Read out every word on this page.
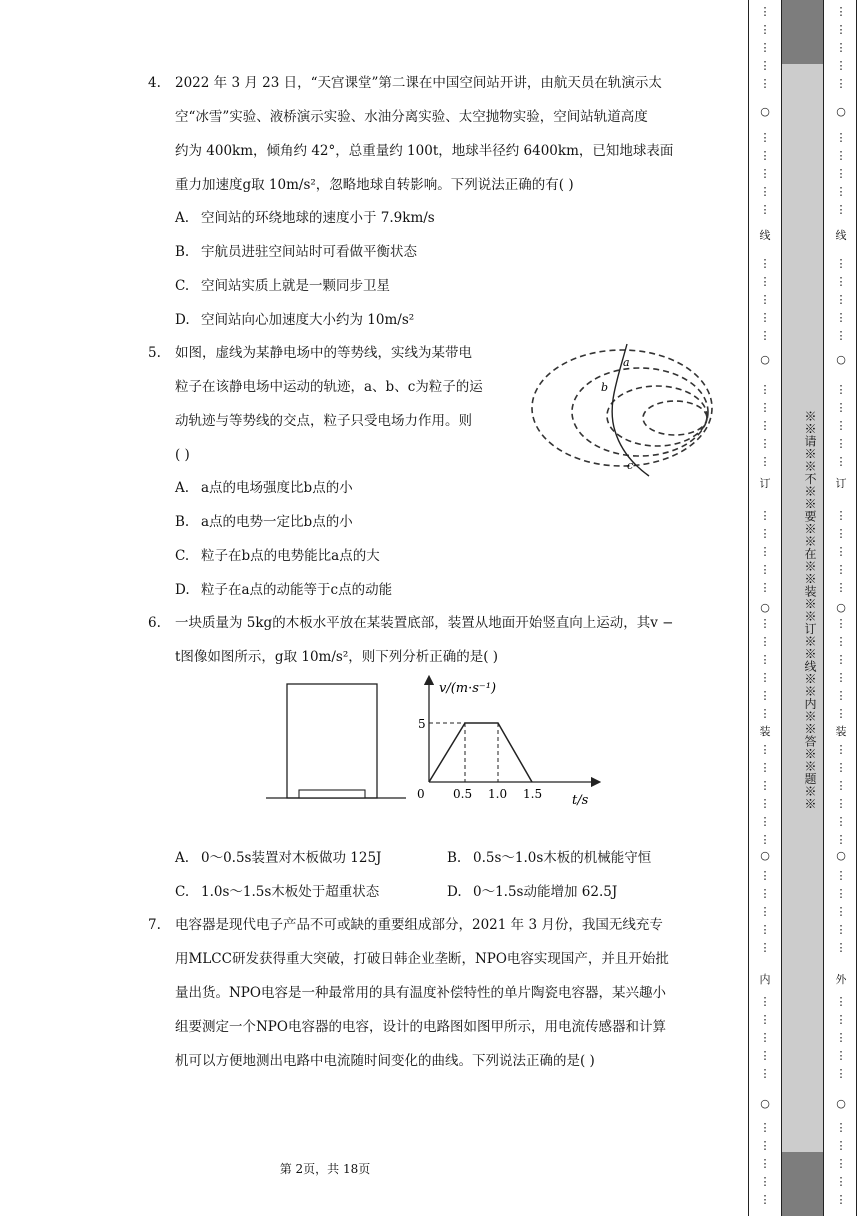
4. 2022 年 3 月 23 日，“天宫课堂”第二课在中国空间站开讲，由航天员在轨演示太
空“冰雪”实验、液桥演示实验、水油分离实验、太空抛物实验，空间站轨道高度
约为 400km，倾角约 42°，总重量约 100t，地球半径约 6400km，已知地球表面
重力加速度g取 10m/s²，忽略地球自转影响。下列说法正确的有( )
A. 空间站的环绕地球的速度小于 7.9km/s
B. 宇航员进驻空间站时可看做平衡状态
C. 空间站实质上就是一颗同步卫星
D. 空间站向心加速度大小约为 10m/s²
5. 如图，虚线为某静电场中的等势线，实线为某带电
粒子在该静电场中运动的轨迹，a、b、c为粒子的运
动轨迹与等势线的交点，粒子只受电场力作用。则
( )
a
b
c
A. a点的电场强度比b点的小
B. a点的电势一定比b点的小
C. 粒子在b点的电势能比a点的大
D. 粒子在a点的动能等于c点的动能
6. 一块质量为 5kg的木板水平放在某装置底部，装置从地面开始竖直向上运动，其v −
t图像如图所示，g取 10m/s²，则下列分析正确的是( )
v/(m·s⁻¹)
t/s
5
0 0.5 1.0 1.5
A. 0～0.5s装置对木板做功 125J	B. 0.5s～1.0s木板的机械能守恒
C. 1.0s～1.5s木板处于超重状态	D. 0～1.5s动能增加 62.5J
7. 电容器是现代电子产品不可或缺的重要组成部分，2021 年 3 月份，我国无线充专
用MLCC研发获得重大突破，打破日韩企业垄断，NPO电容实现国产，并且开始批
量出货。NPO电容是一种最常用的具有温度补偿特性的单片陶瓷电容器，某兴趣小
组要测定一个NPO电容器的电容，设计的电路图如图甲所示，用电流传感器和计算
机可以方便地测出电路中电流随时间变化的曲线。下列说法正确的是( )
第 2页，共 18页
※※请※※不※※要※※在※※装※※订※※线※※内※※答※※题※※
○
线
○
订
○
装
○
内
○
⋮
⋮
⋮
⋮
⋮
⋮
⋮
⋮
⋮
⋮
⋮
⋮
⋮
⋮
⋮
⋮
⋮
⋮
⋮
⋮
⋮
⋮
⋮
⋮
⋮
⋮
⋮
⋮
⋮
⋮
⋮
⋮
⋮
⋮
⋮
⋮
⋮
⋮
⋮
⋮
⋮
⋮
⋮
⋮
⋮
⋮
⋮
⋮
⋮
⋮
⋮
⋮
○
线
○
订
○
装
○
外
○
⋮
⋮
⋮
⋮
⋮
⋮
⋮
⋮
⋮
⋮
⋮
⋮
⋮
⋮
⋮
⋮
⋮
⋮
⋮
⋮
⋮
⋮
⋮
⋮
⋮
⋮
⋮
⋮
⋮
⋮
⋮
⋮
⋮
⋮
⋮
⋮
⋮
⋮
⋮
⋮
⋮
⋮
⋮
⋮
⋮
⋮
⋮
⋮
⋮
⋮
⋮
⋮
